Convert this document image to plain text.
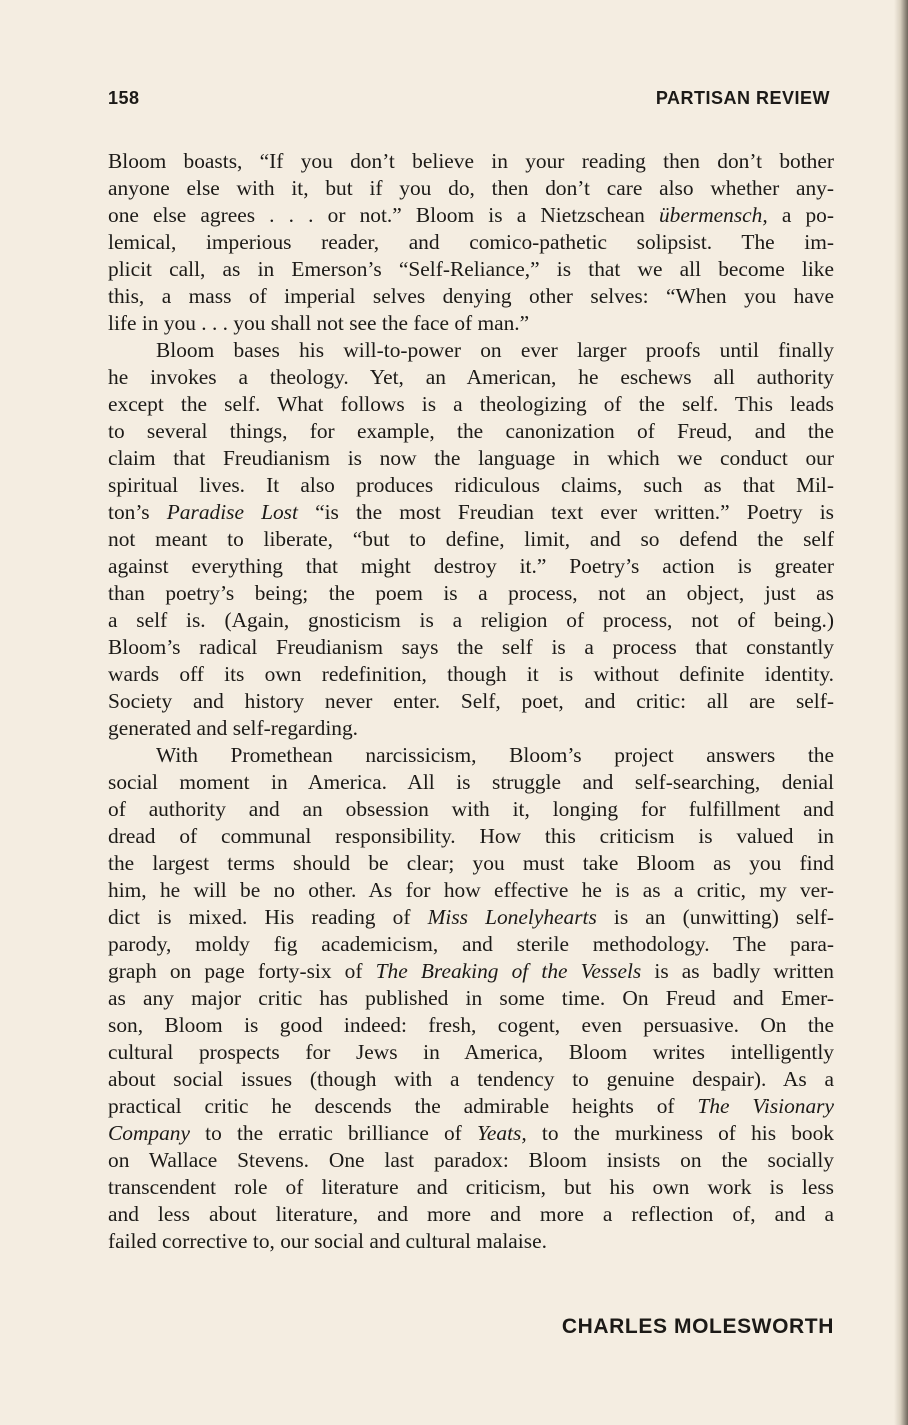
158	PARTISAN REVIEW
Bloom boasts, “If you don’t believe in your reading then don’t bother
anyone else with it, but if you do, then don’t care also whether any-
one else agrees . . . or not.” Bloom is a Nietzschean übermensch, a po-
lemical, imperious reader, and comico-pathetic solipsist. The im-
plicit call, as in Emerson’s “Self-Reliance,” is that we all become like
this, a mass of imperial selves denying other selves: “When you have
life in you . . . you shall not see the face of man.”
Bloom bases his will-to-power on ever larger proofs until finally
he invokes a theology. Yet, an American, he eschews all authority
except the self. What follows is a theologizing of the self. This leads
to several things, for example, the canonization of Freud, and the
claim that Freudianism is now the language in which we conduct our
spiritual lives. It also produces ridiculous claims, such as that Mil-
ton’s Paradise Lost “is the most Freudian text ever written.” Poetry is
not meant to liberate, “but to define, limit, and so defend the self
against everything that might destroy it.” Poetry’s action is greater
than poetry’s being; the poem is a process, not an object, just as
a self is. (Again, gnosticism is a religion of process, not of being.)
Bloom’s radical Freudianism says the self is a process that constantly
wards off its own redefinition, though it is without definite identity.
Society and history never enter. Self, poet, and critic: all are self-
generated and self-regarding.
With Promethean narcissicism, Bloom’s project answers the
social moment in America. All is struggle and self-searching, denial
of authority and an obsession with it, longing for fulfillment and
dread of communal responsibility. How this criticism is valued in
the largest terms should be clear; you must take Bloom as you find
him, he will be no other. As for how effective he is as a critic, my ver-
dict is mixed. His reading of Miss Lonelyhearts is an (unwitting) self-
parody, moldy fig academicism, and sterile methodology. The para-
graph on page forty-six of The Breaking of the Vessels is as badly written
as any major critic has published in some time. On Freud and Emer-
son, Bloom is good indeed: fresh, cogent, even persuasive. On the
cultural prospects for Jews in America, Bloom writes intelligently
about social issues (though with a tendency to genuine despair). As a
practical critic he descends the admirable heights of The Visionary
Company to the erratic brilliance of Yeats, to the murkiness of his book
on Wallace Stevens. One last paradox: Bloom insists on the socially
transcendent role of literature and criticism, but his own work is less
and less about literature, and more and more a reflection of, and a
failed corrective to, our social and cultural malaise.
CHARLES MOLESWORTH
